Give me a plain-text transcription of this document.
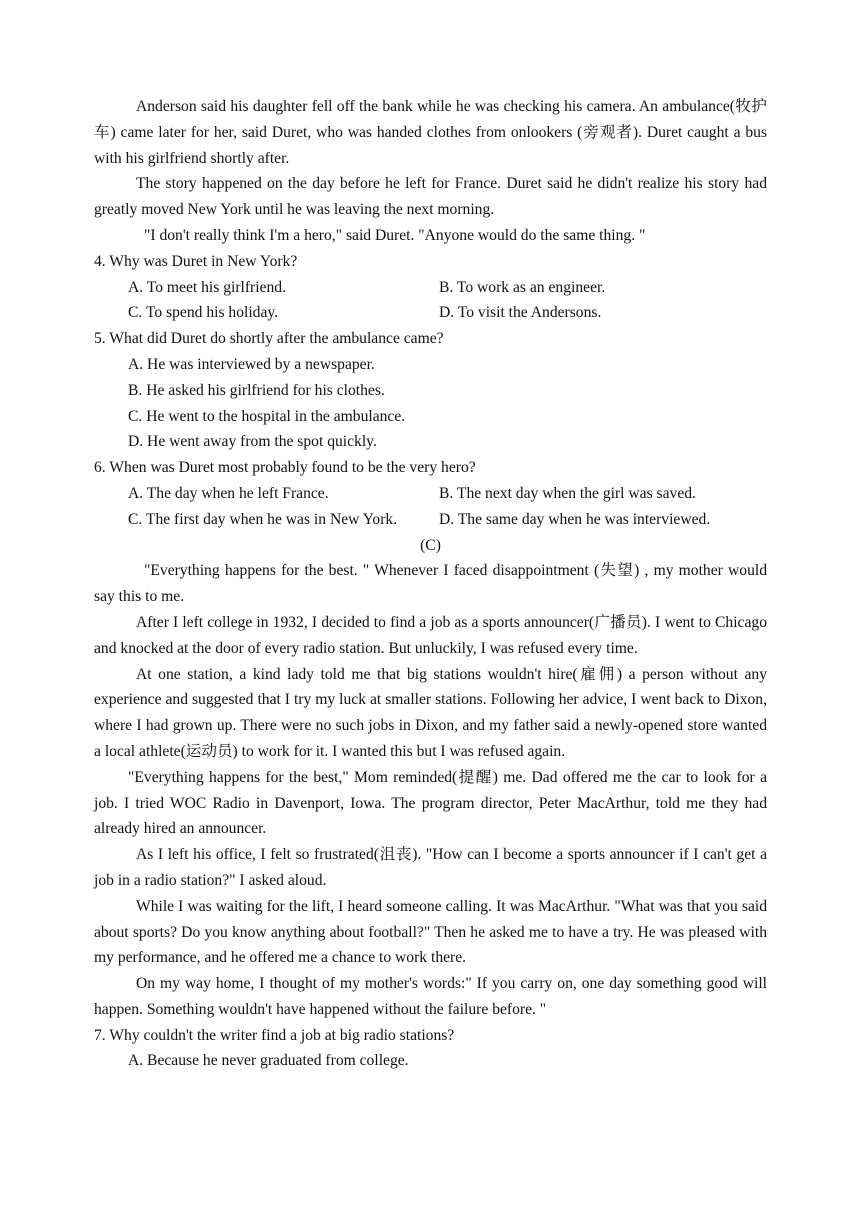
Anderson said his daughter fell off the bank while he was checking his camera. An ambulance(牧护车) came later for her, said Duret, who was handed clothes from onlookers (旁观者). Duret caught a bus with his girlfriend shortly after.

The story happened on the day before he left for France. Duret said he didn't realize his story had greatly moved New York until he was leaving the next morning.

"I don't really think I'm a hero," said Duret. "Anyone would do the same thing. "

4. Why was Duret in New York?

A. To meet his girlfriend.	B. To work as an engineer.
C. To spend his holiday.	D. To visit the Andersons.

5. What did Duret do shortly after the ambulance came?

A. He was interviewed by a newspaper.

B. He asked his girlfriend for his clothes.

C. He went to the hospital in the ambulance.

D. He went away from the spot quickly.

6. When was Duret most probably found to be the very hero?

A. The day when he left France.	B. The next day when the girl was saved.
C. The first day when he was in New York.	D. The same day when he was interviewed.

(C)

"Everything happens for the best. " Whenever I faced disappointment (失望) , my mother would say this to me.

After I left college in 1932, I decided to find a job as a sports announcer(广播员). I went to Chicago and knocked at the door of every radio station. But unluckily, I was refused every time.

At one station, a kind lady told me that big stations wouldn't hire(雇佣) a person without any experience and suggested that I try my luck at smaller stations. Following her advice, I went back to Dixon, where I had grown up. There were no such jobs in Dixon, and my father said a newly-opened store wanted a local athlete(运动员) to work for it. I wanted this but I was refused again.

"Everything happens for the best," Mom reminded(提醒) me. Dad offered me the car to look for a job. I tried WOC Radio in Davenport, Iowa. The program director, Peter MacArthur, told me they had already hired an announcer.

As I left his office, I felt so frustrated(沮丧). "How can I become a sports announcer if I can't get a job in a radio station?" I asked aloud.

While I was waiting for the lift, I heard someone calling. It was MacArthur. "What was that you said about sports? Do you know anything about football?" Then he asked me to have a try. He was pleased with my performance, and he offered me a chance to work there.

On my way home, I thought of my mother's words:" If you carry on, one day something good will happen. Something wouldn't have happened without the failure before. "

7. Why couldn't the writer find a job at big radio stations?

A. Because he never graduated from college.
